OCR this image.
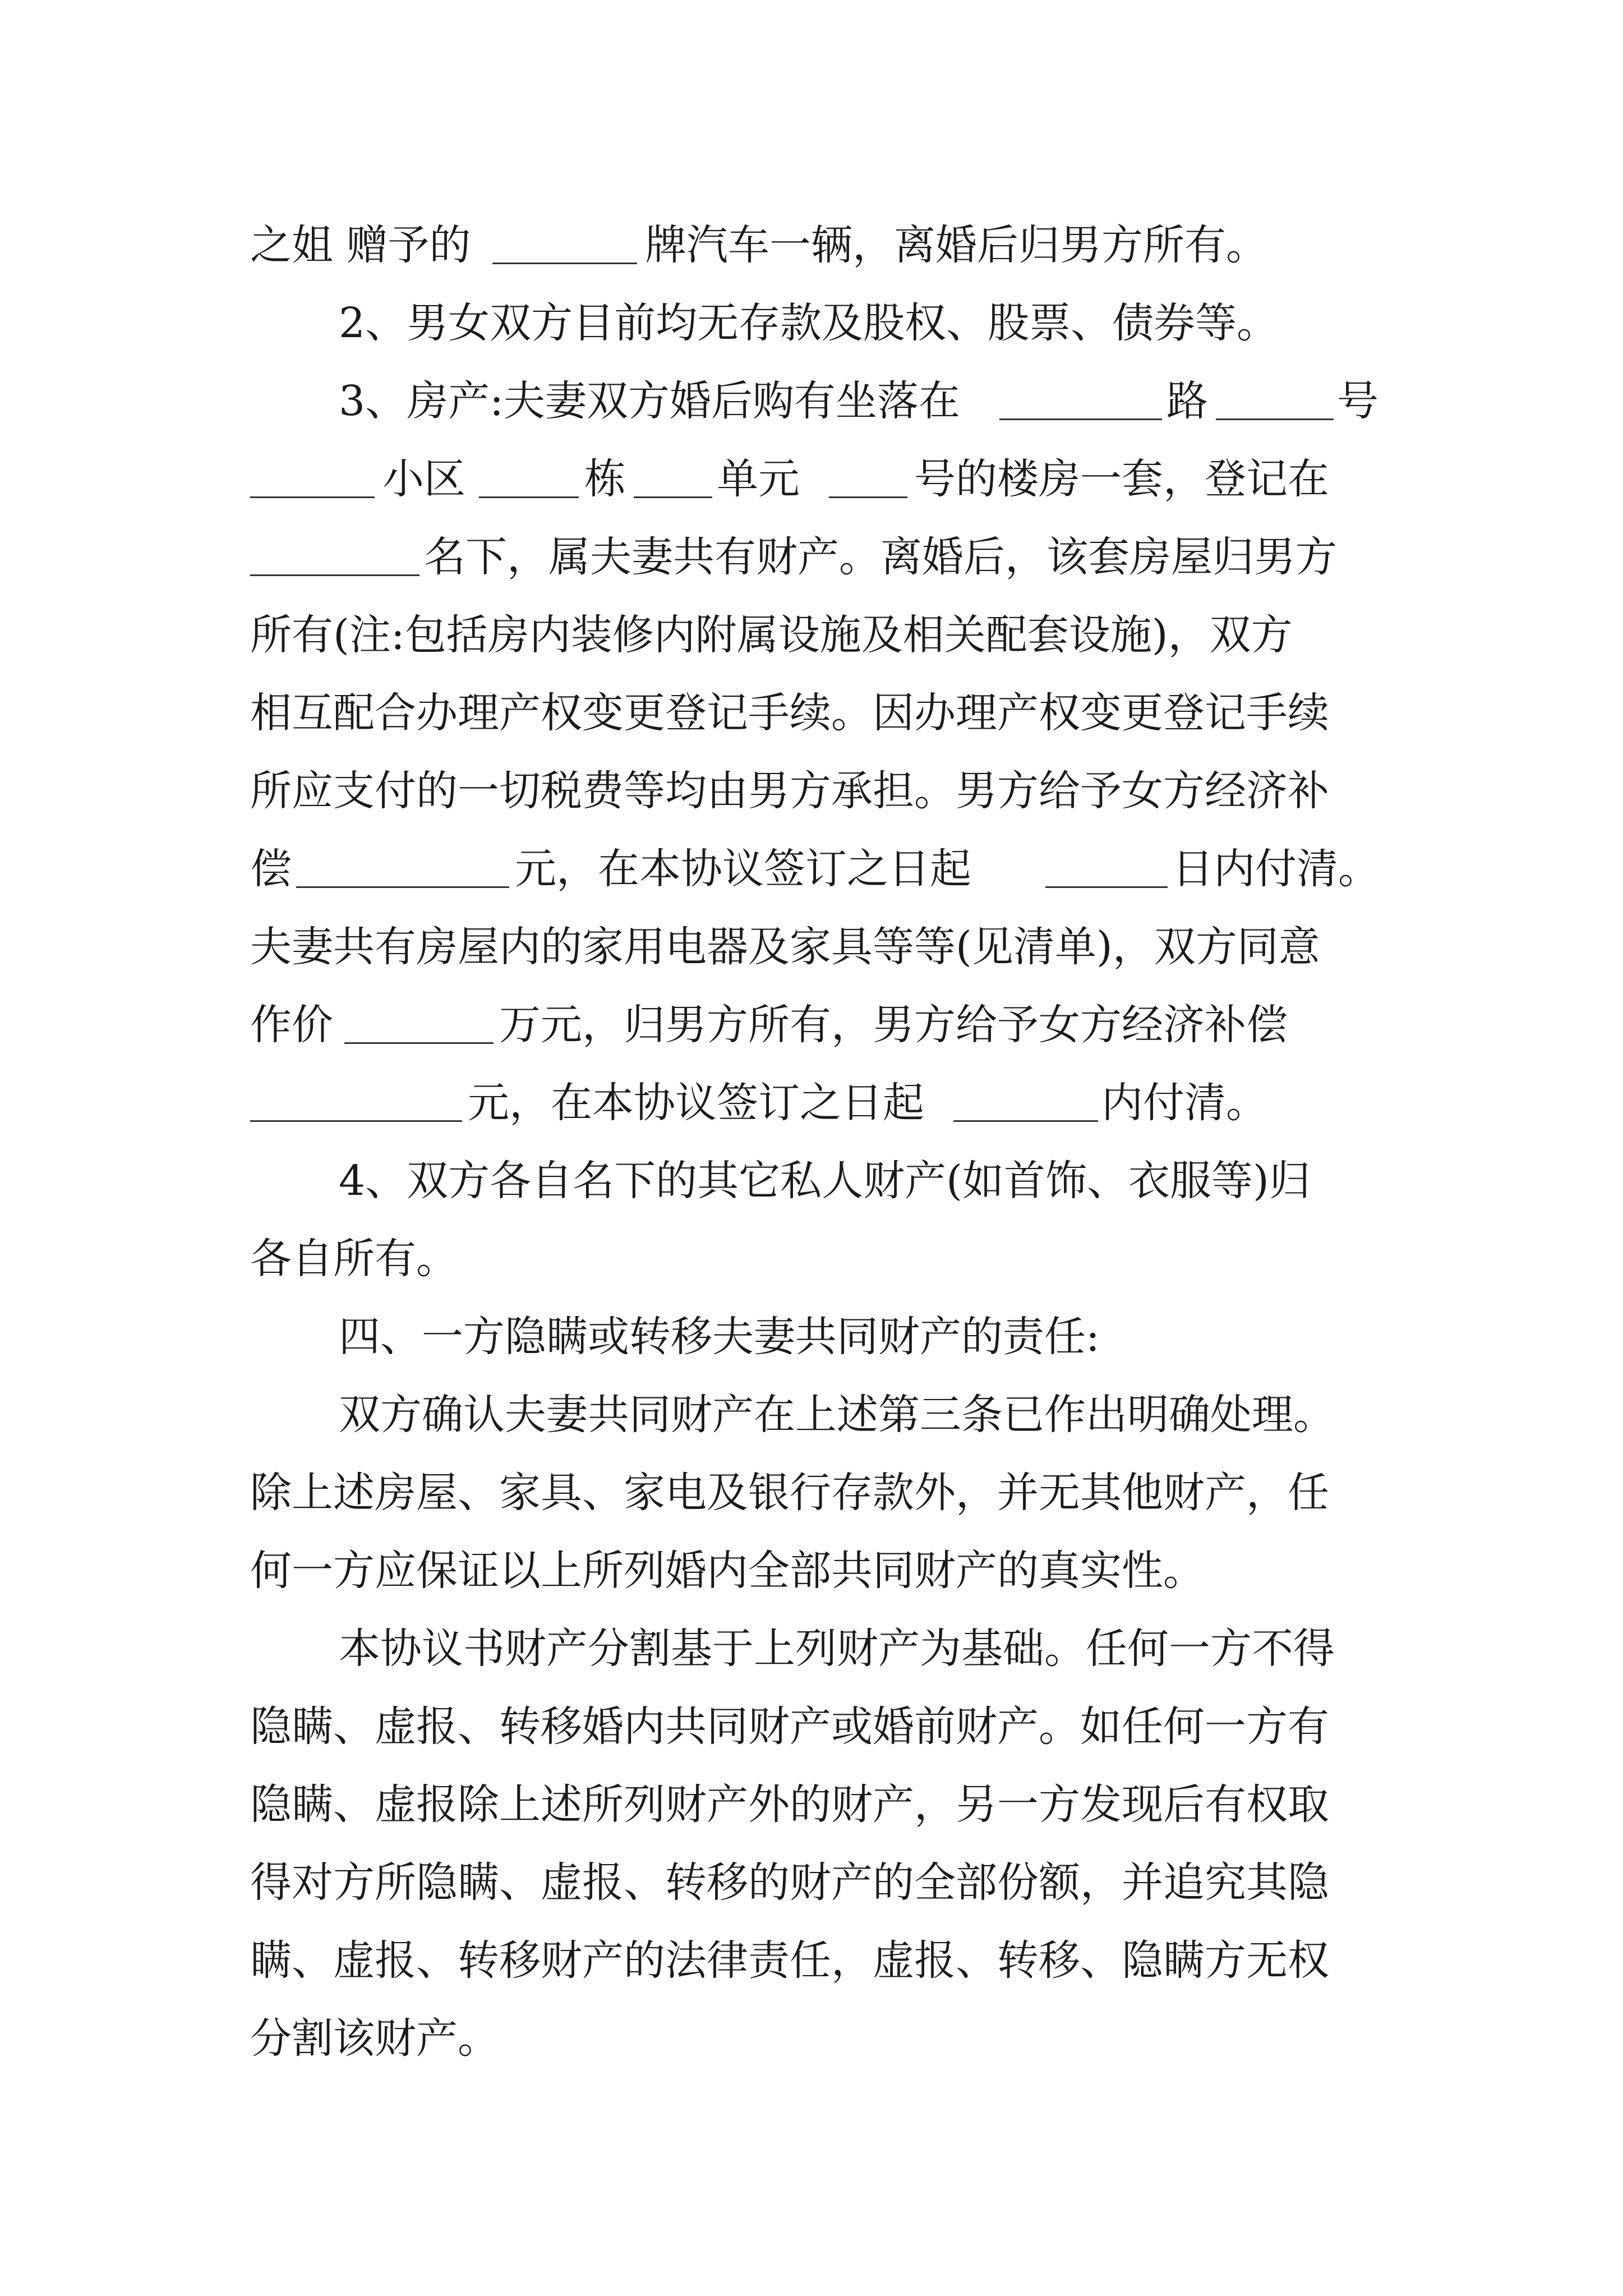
之姐 赠予的	牌汽车一辆，离婚后归男方所有。
2、男女双方目前均无存款及股权、股票、债券等。
3、房产:夫妻双方婚后购有坐落在	路	号
小区	栋 单元	号的楼房一套，登记在
名下，属夫妻共有财产。离婚后，该套房屋归男方
所有(注:包括房内装修内附属设施及相关配套设施)，双方
相互配合办理产权变更登记手续。因办理产权变更登记手续
所应支付的一切税费等均由男方承担。男方给予女方经济补
偿	元，在本协议签订之日起	日内付清。
夫妻共有房屋内的家用电器及家具等等(见清单)，双方同意
作价	万元，归男方所有，男方给予女方经济补偿
元，在本协议签订之日起	内付清。
4、双方各自名下的其它私人财产(如首饰、衣服等)归
各自所有。
四、一方隐瞒或转移夫妻共同财产的责任:
双方确认夫妻共同财产在上述第三条已作出明确处理。
除上述房屋、家具、家电及银行存款外，并无其他财产，任
何一方应保证以上所列婚内全部共同财产的真实性。
本协议书财产分割基于上列财产为基础。任何一方不得
隐瞒、虚报、转移婚内共同财产或婚前财产。如任何一方有
隐瞒、虚报除上述所列财产外的财产，另一方发现后有权取
得对方所隐瞒、虚报、转移的财产的全部份额，并追究其隐
瞒、虚报、转移财产的法律责任，虚报、转移、隐瞒方无权
分割该财产。
